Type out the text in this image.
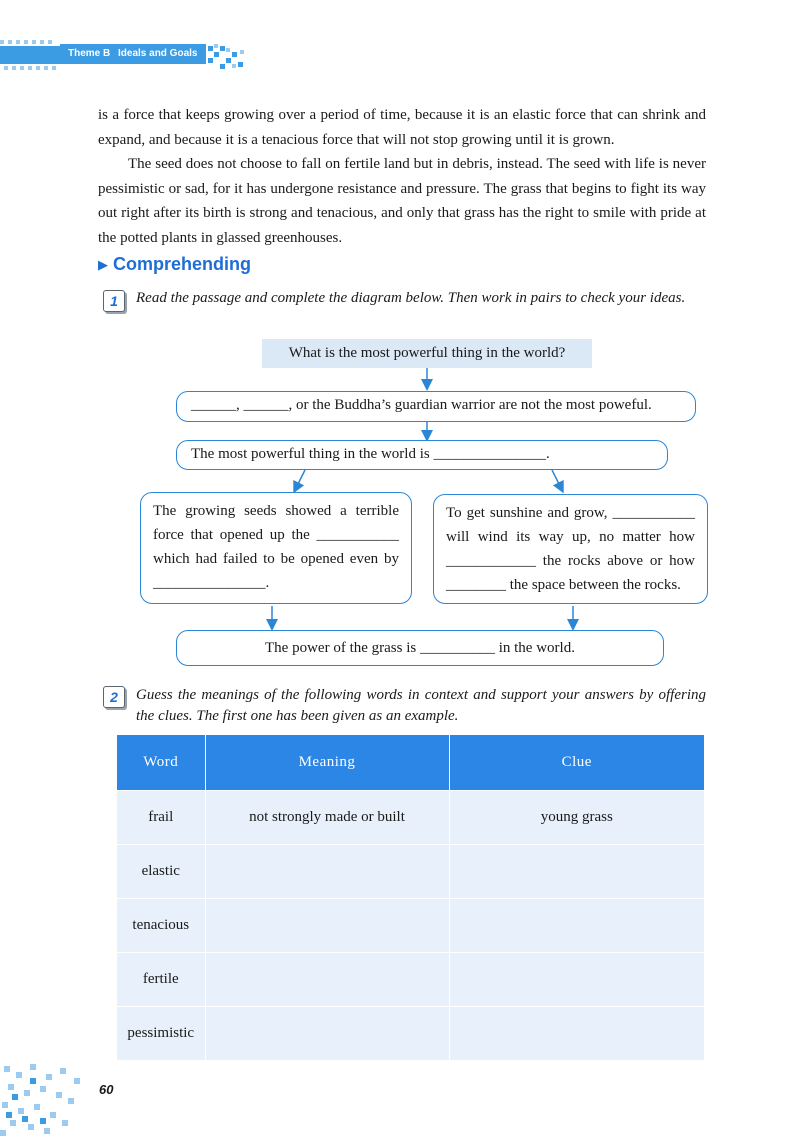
Theme B Ideals and Goals

is a force that keeps growing over a period of time, because it is an elastic force that can shrink and expand, and because it is a tenacious force that will not stop growing until it is grown.

The seed does not choose to fall on fertile land but in debris, instead. The seed with life is never pessimistic or sad, for it has undergone resistance and pressure. The grass that begins to fight its way out right after its birth is strong and tenacious, and only that grass has the right to smile with pride at the potted plants in glassed greenhouses.

▶ Comprehending
1	Read the passage and complete the diagram below. Then work in pairs to check your ideas.
What is the most powerful thing in the world?
______, ______, or the Buddha’s guardian warrior are not the most poweful.
The most powerful thing in the world is _______________.
The growing seeds showed a terrible force that opened up the ___________ which had failed to be opened even by _______________.
To get sunshine and grow, ___________ will wind its way up, no matter how ____________ the rocks above or how ________ the space between the rocks.
The power of the grass is __________ in the world.
2	Guess the meanings of the following words in context and support your answers by offering the clues. The first one has been given as an example.
Word	Meaning	Clue
frail	not strongly made or built	young grass
elastic		
tenacious		
fertile		
pessimistic		
60
